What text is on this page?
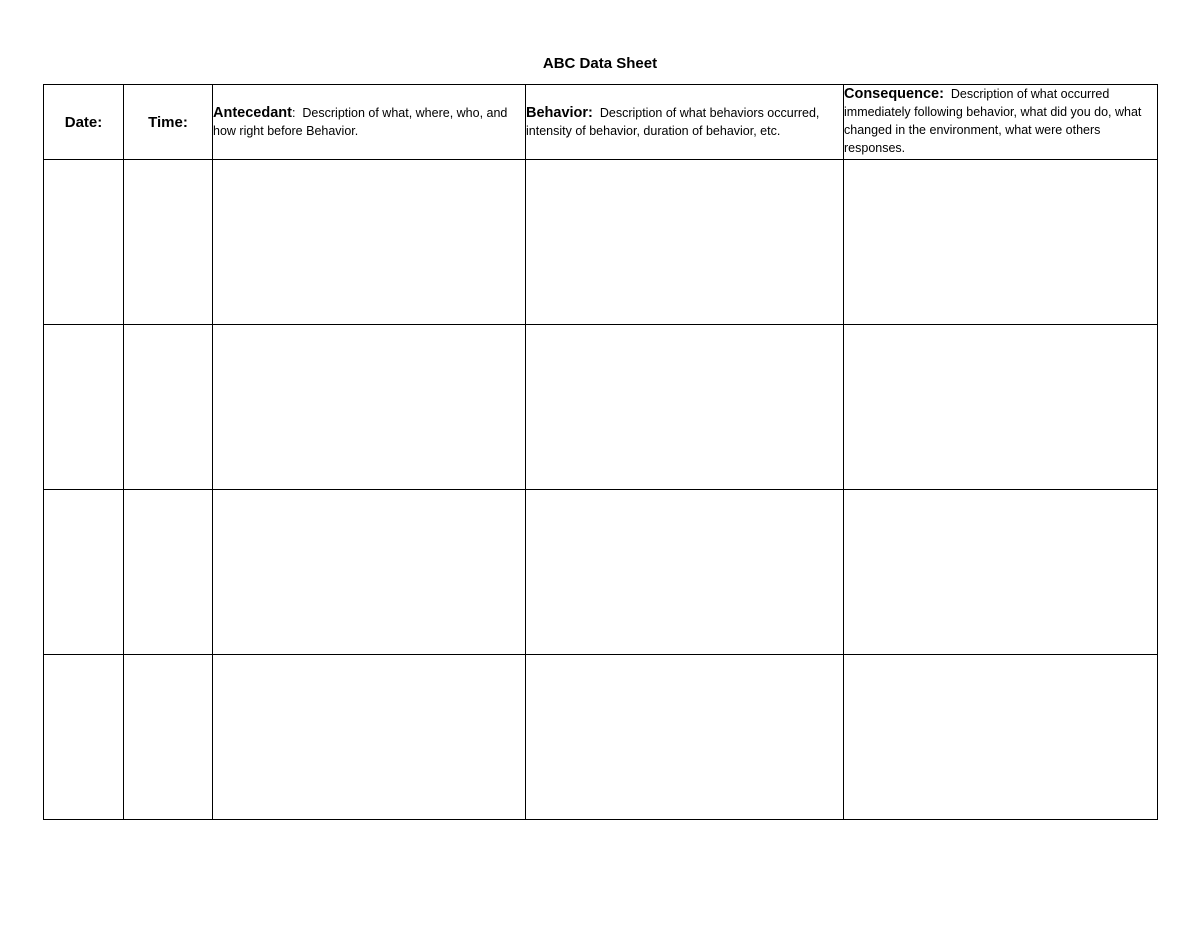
ABC Data Sheet
Date:	Time:	Antecedant: Description of what, where, who, and how right before Behavior.	Behavior: Description of what behaviors occurred, intensity of behavior, duration of behavior, etc.	Consequence: Description of what occurred immediately following behavior, what did you do, what changed in the environment, what were others responses.
